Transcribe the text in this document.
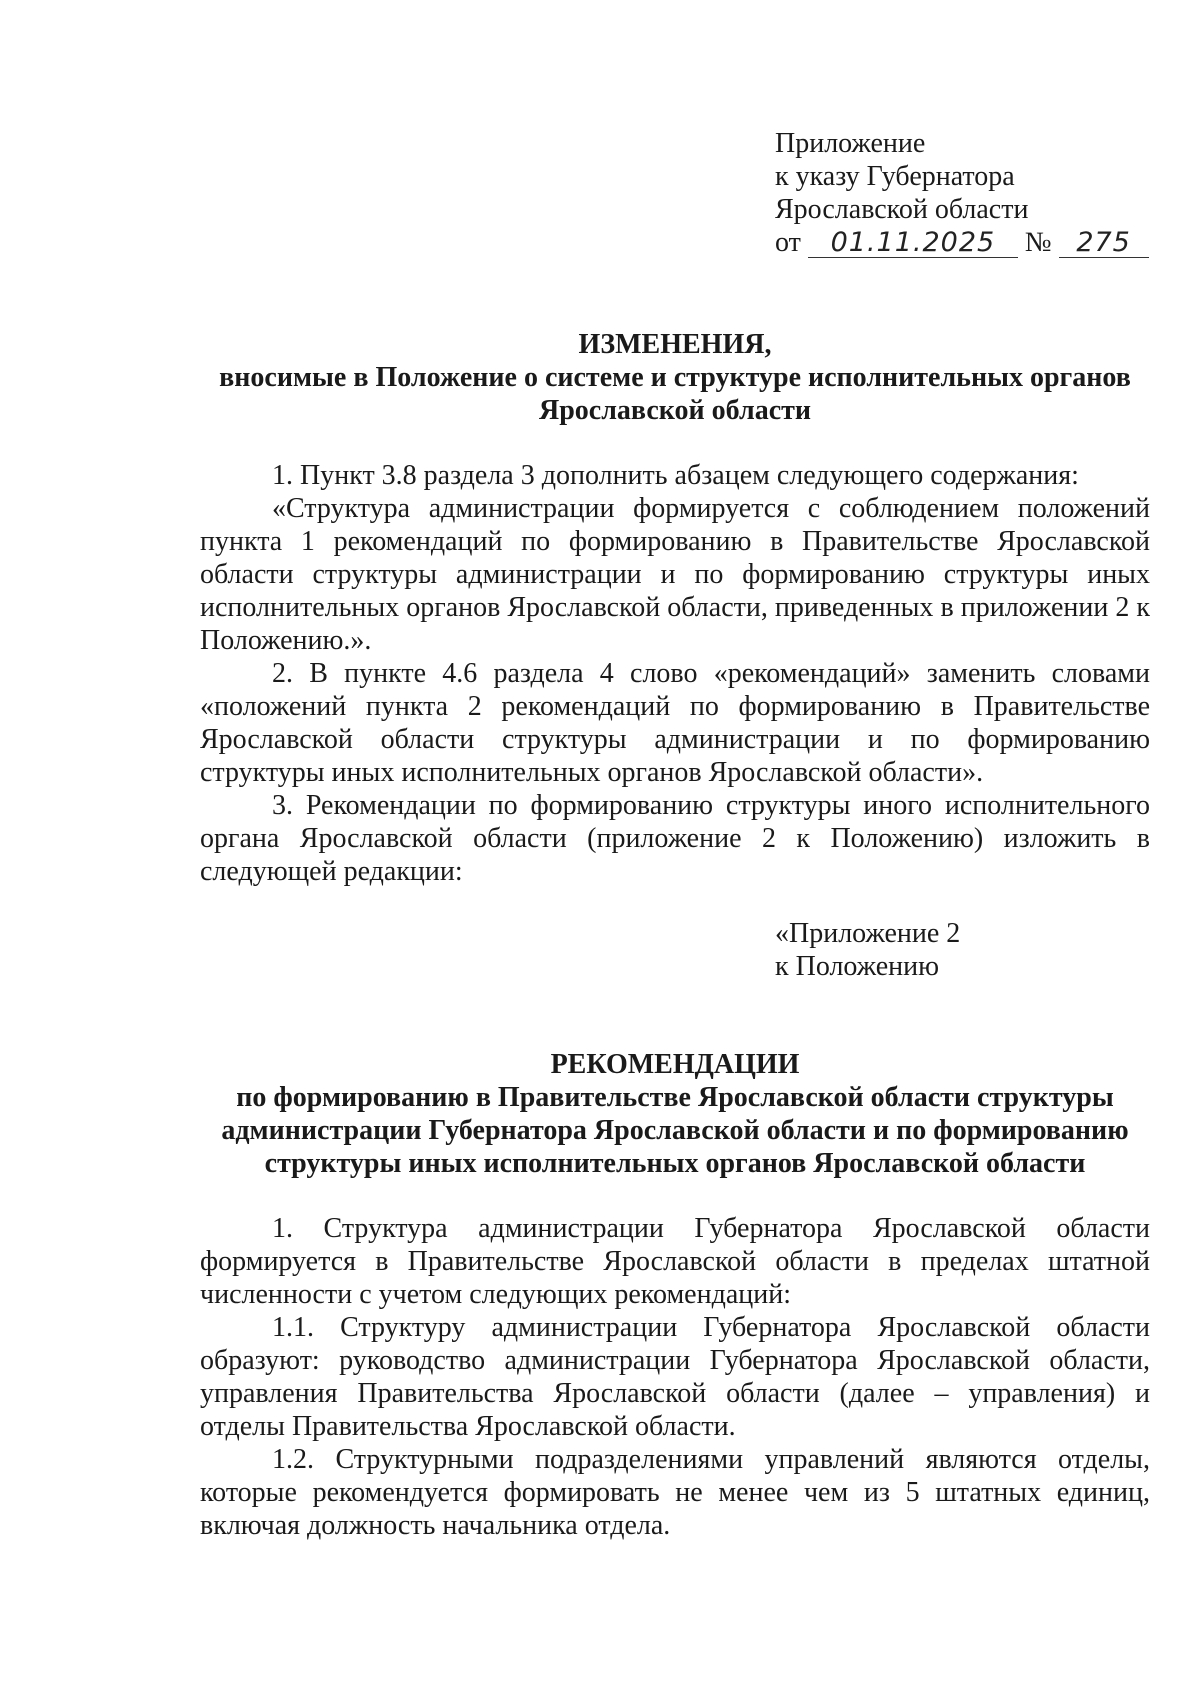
Приложение
к указу Губернатора
Ярославской области
от 01.11.2025 № 275
ИЗМЕНЕНИЯ,
вносимые в Положение о системе и структуре исполнительных органов
Ярославской области

1. Пункт 3.8 раздела 3 дополнить абзацем следующего содержания:

«Структура администрации формируется с соблюдением положений пункта 1 рекомендаций по формированию в Правительстве Ярославской области структуры администрации и по формированию структуры иных исполнительных органов Ярославской области, приведенных в приложении 2 к Положению.».

2. В пункте 4.6 раздела 4 слово «рекомендаций» заменить словами «положений пункта 2 рекомендаций по формированию в Правительстве Ярославской области структуры администрации и по формированию структуры иных исполнительных органов Ярославской области».

3. Рекомендации по формированию структуры иного исполнительного органа Ярославской области (приложение 2 к Положению) изложить в следующей редакции:

«Приложение 2
к Положению
РЕКОМЕНДАЦИИ
по формированию в Правительстве Ярославской области структуры
администрации Губернатора Ярославской области и по формированию
структуры иных исполнительных органов Ярославской области

1. Структура администрации Губернатора Ярославской области формируется в Правительстве Ярославской области в пределах штатной численности с учетом следующих рекомендаций:

1.1. Структуру администрации Губернатора Ярославской области образуют: руководство администрации Губернатора Ярославской области, управления Правительства Ярославской области (далее – управления) и отделы Правительства Ярославской области.

1.2. Структурными подразделениями управлений являются отделы, которые рекомендуется формировать не менее чем из 5 штатных единиц, включая должность начальника отдела.
